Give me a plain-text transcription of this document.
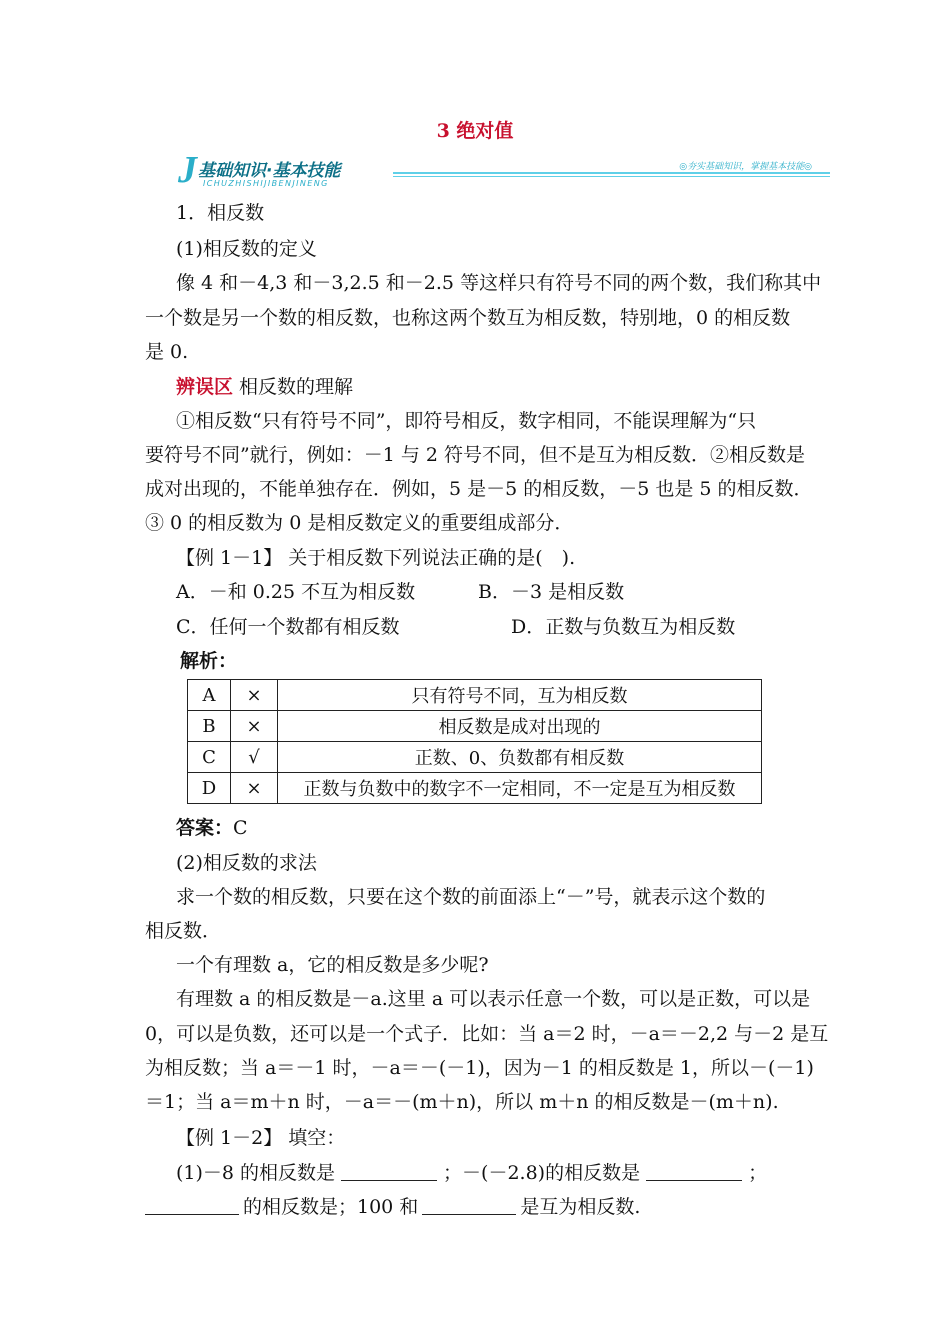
3 绝对值
J 基础知识·基本技能
ICHUZHISHIJIBENJINENG
◎夯实基础知识，掌握基本技能◎
1．相反数
(1)相反数的定义
像 4 和－4,3 和－3,2.5 和－2.5 等这样只有符号不同的两个数，我们称其中
一个数是另一个数的相反数，也称这两个数互为相反数，特别地，0 的相反数
是 0.
辨误区 相反数的理解
①相反数“只有符号不同”，即符号相反，数字相同，不能误理解为“只
要符号不同”就行，例如：－1 与 2 符号不同，但不是互为相反数．②相反数是
成对出现的，不能单独存在．例如，5 是－5 的相反数，－5 也是 5 的相反数．
③ 0 的相反数为 0 是相反数定义的重要组成部分．
【例 1－1】 关于相反数下列说法正确的是(　).
A．－和 0.25 不互为相反数	B．－3 是相反数
C．任何一个数都有相反数	D．正数与负数互为相反数
解析：
A	×	只有符号不同，互为相反数
B	×	相反数是成对出现的
C	√	正数、0、负数都有相反数
D	×	正数与负数中的数字不一定相同，不一定是互为相反数
答案：C
(2)相反数的求法
求一个数的相反数，只要在这个数的前面添上“－”号，就表示这个数的
相反数．
一个有理数 a，它的相反数是多少呢?
有理数 a 的相反数是－a.这里 a 可以表示任意一个数，可以是正数，可以是
0，可以是负数，还可以是一个式子．比如：当 a＝2 时，－a＝－2,2 与－2 是互
为相反数；当 a＝－1 时，－a＝－(－1)，因为－1 的相反数是 1，所以－(－1)
＝1；当 a＝m＋n 时，－a＝－(m＋n)，所以 m＋n 的相反数是－(m＋n).
【例 1－2】 填空：
(1)－8 的相反数是	；－(－2.8)的相反数是	；
的相反数是；100 和	是互为相反数.
